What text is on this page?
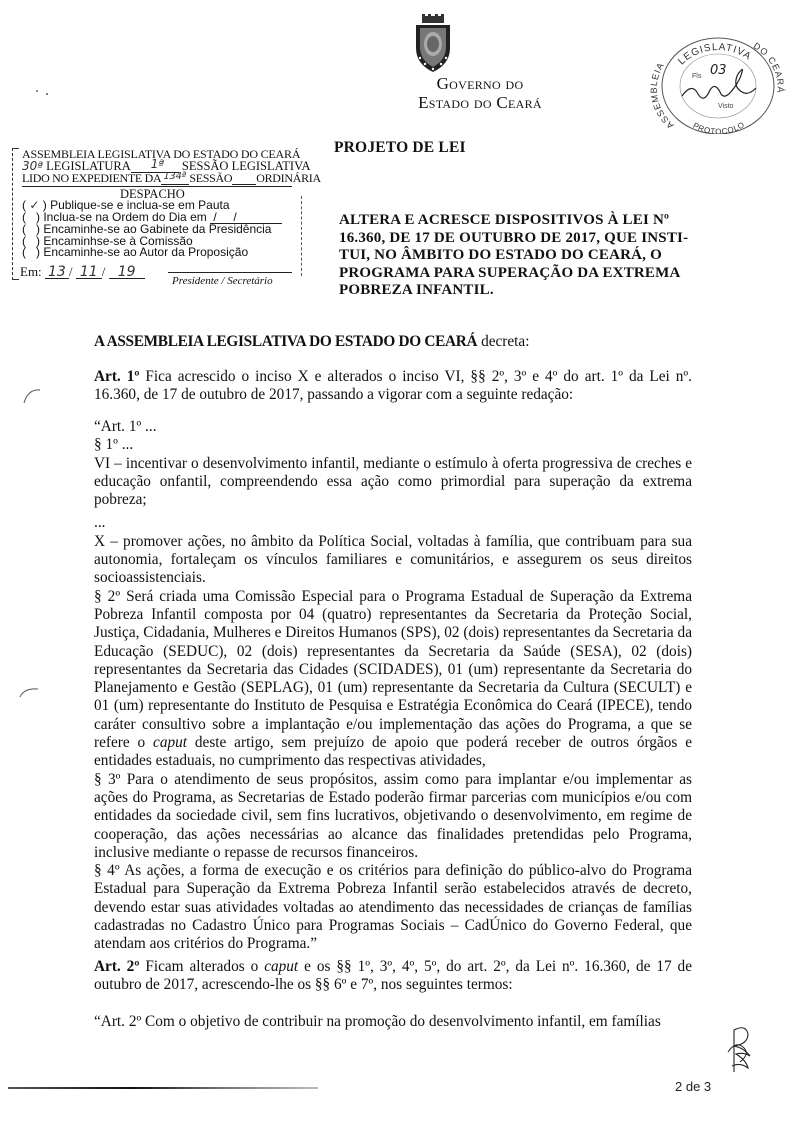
Governo do
Estado do Ceará
LEGISLATIVA
ASSEMBLEIA
DO CEARÁ
PROTOCOLO
Fls 03
Visto
ASSEMBLEIA LEGISLATIVA DO ESTADO DO CEARÁ
30ª LEGISLATURA 1ª SESSÃO LEGISLATIVA
LIDO NO EXPEDIENTE DA 134ª SESSÃO ORDINÁRIA
DESPACHO
( ✓ ) Publique-se e inclua-se em Pauta
(   ) Inclua-se na Ordem do Dia em  /     /
(   ) Encaminhe-se ao Gabinete da Presidência
(   ) Encaminhse-se à Comissão
(   ) Encaminhe-se ao Autor da Proposição
Em: 13 / 11 / 19
Presidente / Secretário
PROJETO DE LEI
ALTERA E ACRESCE DISPOSITIVOS À LEI Nº
16.360, DE 17 DE OUTUBRO DE 2017, QUE INSTI-
TUI, NO ÂMBITO DO ESTADO DO CEARÁ, O
PROGRAMA PARA SUPERAÇÃO DA EXTREMA
POBREZA INFANTIL.
A ASSEMBLEIA LEGISLATIVA DO ESTADO DO CEARÁ decreta:

Art. 1º Fica acrescido o inciso X e alterados o inciso VI, §§ 2º, 3º e 4º do art. 1º da Lei nº. 16.360, de 17 de outubro de 2017, passando a vigorar com a seguinte redação:

“Art. 1º ...

§ 1º ...

VI – incentivar o desenvolvimento infantil, mediante o estímulo à oferta progressiva de creches e educação onfantil, compreendendo essa ação como primordial para superação da extrema pobreza;

...

X – promover ações, no âmbito da Política Social, voltadas à família, que contribuam para sua autonomia, fortaleçam os vínculos familiares e comunitários, e assegurem os seus direitos socioassistenciais.

§ 2º Será criada uma Comissão Especial para o Programa Estadual de Superação da Extrema Pobreza Infantil composta por 04 (quatro) representantes da Secretaria da Proteção Social, Justiça, Cidadania, Mulheres e Direitos Humanos (SPS), 02 (dois) representantes da Secretaria da Educação (SEDUC), 02 (dois) representantes da Secretaria da Saúde (SESA), 02 (dois) representantes da Secretaria das Cidades (SCIDADES), 01 (um) representante da Secretaria do Planejamento e Gestão (SEPLAG), 01 (um) representante da Secretaria da Cultura (SECULT) e 01 (um) representante do Instituto de Pesquisa e Estratégia Econômica do Ceará (IPECE), tendo caráter consultivo sobre a implantação e/ou implementação das ações do Programa, a que se refere o caput deste artigo, sem prejuízo de apoio que poderá receber de outros órgãos e entidades estaduais, no cumprimento das respectivas atividades,

§ 3º Para o atendimento de seus propósitos, assim como para implantar e/ou implementar as ações do Programa, as Secretarias de Estado poderão firmar parcerias com municípios e/ou com entidades da sociedade civil, sem fins lucrativos, objetivando o desenvolvimento, em regime de cooperação, das ações necessárias ao alcance das finalidades pretendidas pelo Programa, inclusive mediante o repasse de recursos financeiros.

§ 4º As ações, a forma de execução e os critérios para definição do público-alvo do Programa Estadual para Superação da Extrema Pobreza Infantil serão estabelecidos através de decreto, devendo estar suas atividades voltadas ao atendimento das necessidades de crianças de famílias cadastradas no Cadastro Único para Programas Sociais – CadÚnico do Governo Federal, que atendam aos critérios do Programa.”

Art. 2º Ficam alterados o caput e os §§ 1º, 3º, 4º, 5º, do art. 2º, da Lei nº. 16.360, de 17 de outubro de 2017, acrescendo-lhe os §§ 6º e 7º, nos seguintes termos:

“Art. 2º Com o objetivo de contribuir na promoção do desenvolvimento infantil, em famílias

2 de 3
